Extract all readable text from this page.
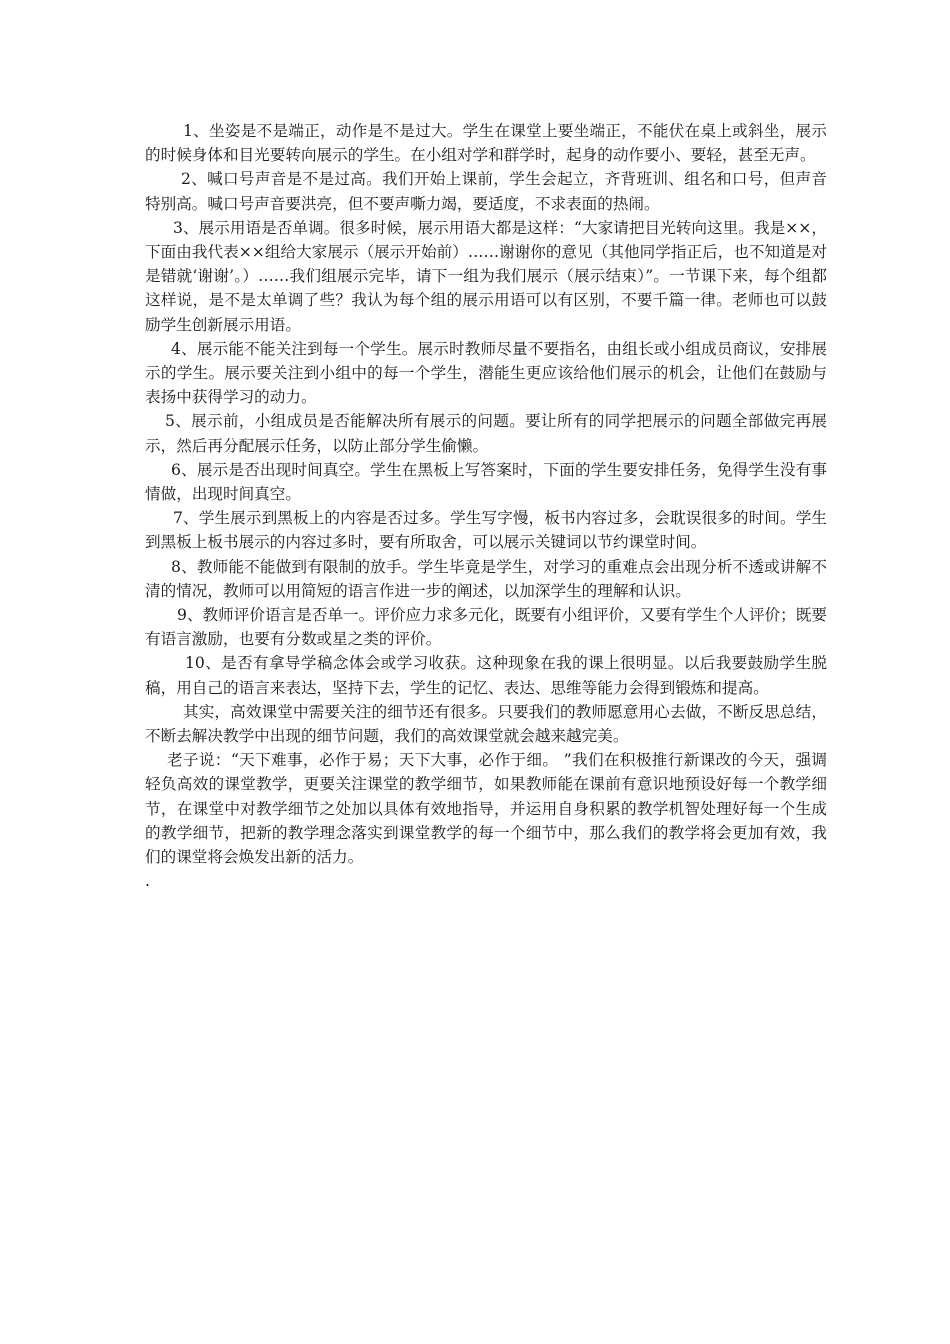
1、坐姿是不是端正，动作是不是过大。学生在课堂上要坐端正，不能伏在桌上或斜坐，展示的时候身体和目光要转向展示的学生。在小组对学和群学时，起身的动作要小、要轻，甚至无声。

2、喊口号声音是不是过高。我们开始上课前，学生会起立，齐背班训、组名和口号，但声音特别高。喊口号声音要洪亮，但不要声嘶力竭，要适度，不求表面的热闹。

3、展示用语是否单调。很多时候，展示用语大都是这样：“大家请把目光转向这里。我是××，下面由我代表××组给大家展示（展示开始前）……谢谢你的意见（其他同学指正后，也不知道是对是错就‘谢谢’。）……我们组展示完毕，请下一组为我们展示（展示结束）”。一节课下来，每个组都这样说，是不是太单调了些？我认为每个组的展示用语可以有区别，不要千篇一律。老师也可以鼓励学生创新展示用语。

4、展示能不能关注到每一个学生。展示时教师尽量不要指名，由组长或小组成员商议，安排展示的学生。展示要关注到小组中的每一个学生，潜能生更应该给他们展示的机会，让他们在鼓励与表扬中获得学习的动力。

5、展示前，小组成员是否能解决所有展示的问题。要让所有的同学把展示的问题全部做完再展示，然后再分配展示任务，以防止部分学生偷懒。

6、展示是否出现时间真空。学生在黑板上写答案时，下面的学生要安排任务，免得学生没有事情做，出现时间真空。

7、学生展示到黑板上的内容是否过多。学生写字慢，板书内容过多，会耽误很多的时间。学生到黑板上板书展示的内容过多时，要有所取舍，可以展示关键词以节约课堂时间。

8、教师能不能做到有限制的放手。学生毕竟是学生，对学习的重难点会出现分析不透或讲解不清的情况，教师可以用简短的语言作进一步的阐述，以加深学生的理解和认识。

9、教师评价语言是否单一。评价应力求多元化，既要有小组评价，又要有学生个人评价；既要有语言激励，也要有分数或星之类的评价。

10、是否有拿导学稿念体会或学习收获。这种现象在我的课上很明显。以后我要鼓励学生脱稿，用自己的语言来表达，坚持下去，学生的记忆、表达、思维等能力会得到锻炼和提高。

其实，高效课堂中需要关注的细节还有很多。只要我们的教师愿意用心去做，不断反思总结，不断去解决教学中出现的细节问题，我们的高效课堂就会越来越完美。

老子说：“天下难事，必作于易；天下大事，必作于细。 ”我们在积极推行新课改的今天，强调轻负高效的课堂教学，更要关注课堂的教学细节，如果教师能在课前有意识地预设好每一个教学细节，在课堂中对教学细节之处加以具体有效地指导，并运用自身积累的教学机智处理好每一个生成的教学细节，把新的教学理念落实到课堂教学的每一个细节中，那么我们的教学将会更加有效，我们的课堂将会焕发出新的活力。

.
